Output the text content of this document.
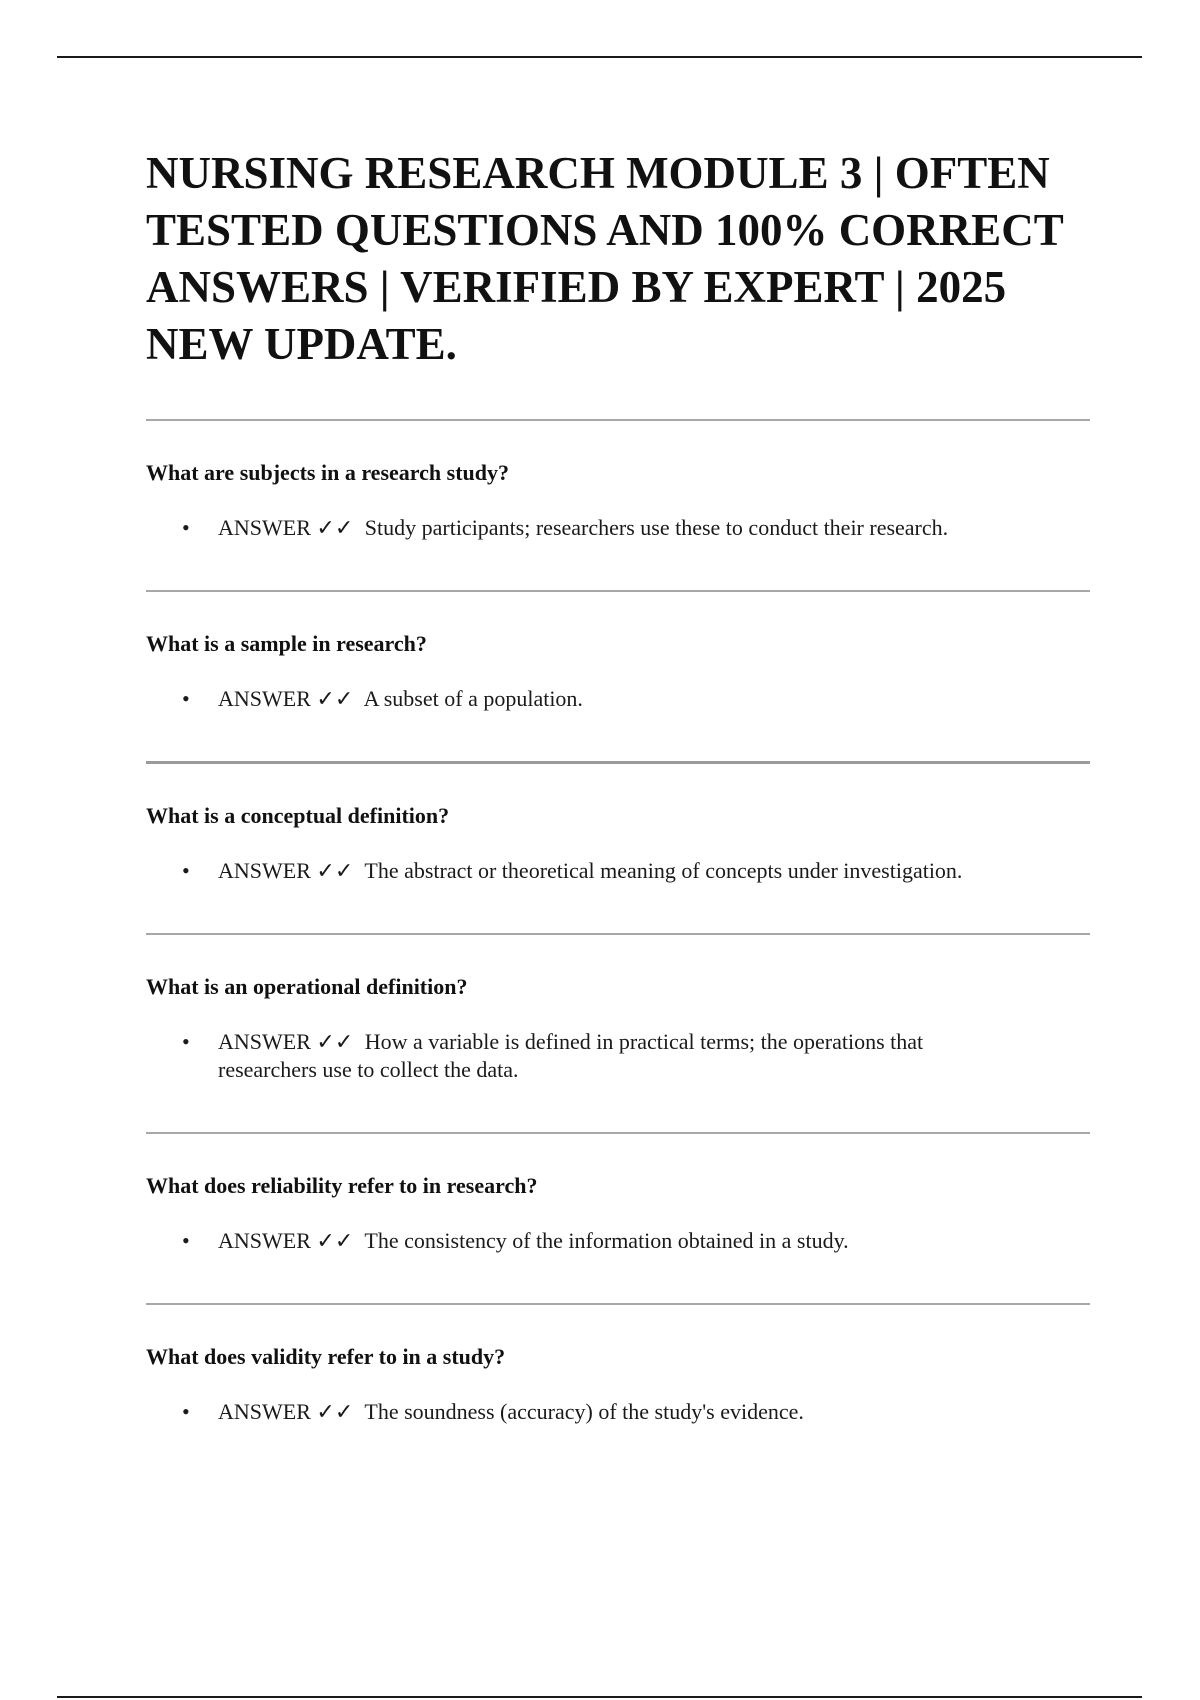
NURSING RESEARCH MODULE 3 | OFTEN TESTED QUESTIONS AND 100% CORRECT ANSWERS | VERIFIED BY EXPERT | 2025 NEW UPDATE.

What are subjects in a research study?

• ANSWER ✓✓ Study participants; researchers use these to conduct their research.

What is a sample in research?

• ANSWER ✓✓ A subset of a population.

What is a conceptual definition?

• ANSWER ✓✓ The abstract or theoretical meaning of concepts under investigation.

What is an operational definition?

• ANSWER ✓✓ How a variable is defined in practical terms; the operations that researchers use to collect the data.

What does reliability refer to in research?

• ANSWER ✓✓ The consistency of the information obtained in a study.

What does validity refer to in a study?

• ANSWER ✓✓ The soundness (accuracy) of the study's evidence.
